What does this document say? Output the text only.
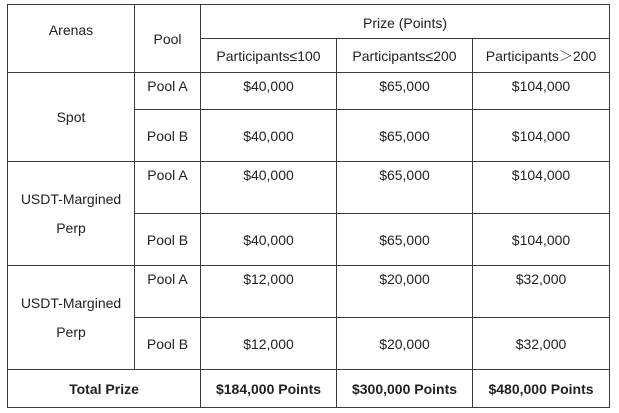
Arenas	Pool	Prize (Points)		
		Participants≤100	Participants≤200	Participants＞200
Spot	Pool A	$40,000	$65,000	$104,000
	Pool B	$40,000	$65,000	$104,000

USDT-Margined
Perp	Pool A	$40,000	$65,000	$104,000
	Pool B	$40,000	$65,000	$104,000

USDT-Margined
Perp	Pool A	$12,000	$20,000	$32,000
	Pool B	$12,000	$20,000	$32,000
Total Prize		$184,000 Points	$300,000 Points	$480,000 Points
